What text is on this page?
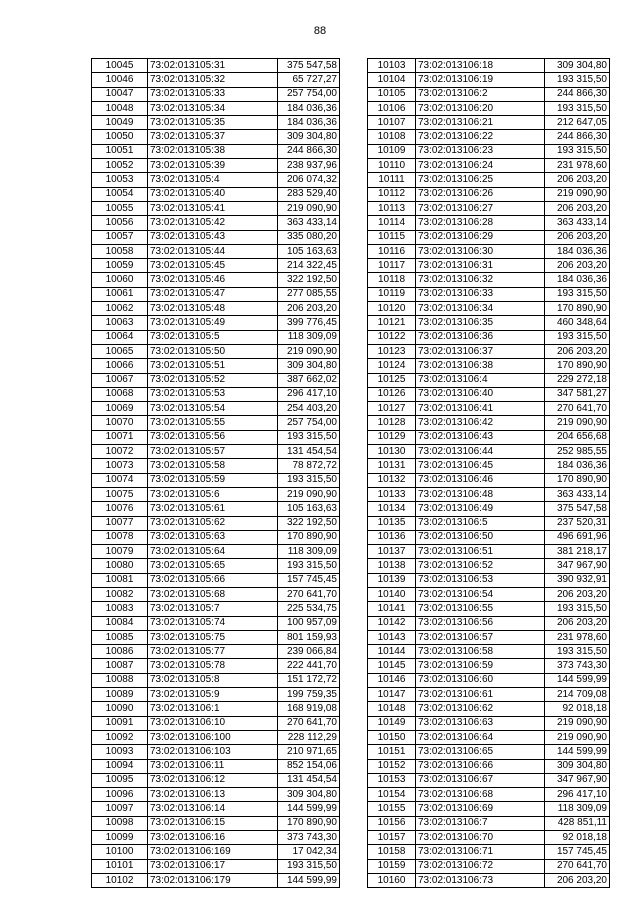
88
10045	73:02:013105:31	375 547,58
10046	73:02:013105:32	65 727,27
10047	73:02:013105:33	257 754,00
10048	73:02:013105:34	184 036,36
10049	73:02:013105:35	184 036,36
10050	73:02:013105:37	309 304,80
10051	73:02:013105:38	244 866,30
10052	73:02:013105:39	238 937,96
10053	73:02:013105:4	206 074,32
10054	73:02:013105:40	283 529,40
10055	73:02:013105:41	219 090,90
10056	73:02:013105:42	363 433,14
10057	73:02:013105:43	335 080,20
10058	73:02:013105:44	105 163,63
10059	73:02:013105:45	214 322,45
10060	73:02:013105:46	322 192,50
10061	73:02:013105:47	277 085,55
10062	73:02:013105:48	206 203,20
10063	73:02:013105:49	399 776,45
10064	73:02:013105:5	118 309,09
10065	73:02:013105:50	219 090,90
10066	73:02:013105:51	309 304,80
10067	73:02:013105:52	387 662,02
10068	73:02:013105:53	296 417,10
10069	73:02:013105:54	254 403,20
10070	73:02:013105:55	257 754,00
10071	73:02:013105:56	193 315,50
10072	73:02:013105:57	131 454,54
10073	73:02:013105:58	78 872,72
10074	73:02:013105:59	193 315,50
10075	73:02:013105:6	219 090,90
10076	73:02:013105:61	105 163,63
10077	73:02:013105:62	322 192,50
10078	73:02:013105:63	170 890,90
10079	73:02:013105:64	118 309,09
10080	73:02:013105:65	193 315,50
10081	73:02:013105:66	157 745,45
10082	73:02:013105:68	270 641,70
10083	73:02:013105:7	225 534,75
10084	73:02:013105:74	100 957,09
10085	73:02:013105:75	801 159,93
10086	73:02:013105:77	239 066,84
10087	73:02:013105:78	222 441,70
10088	73:02:013105:8	151 172,72
10089	73:02:013105:9	199 759,35
10090	73:02:013106:1	168 919,08
10091	73:02:013106:10	270 641,70
10092	73:02:013106:100	228 112,29
10093	73:02:013106:103	210 971,65
10094	73:02:013106:11	852 154,06
10095	73:02:013106:12	131 454,54
10096	73:02:013106:13	309 304,80
10097	73:02:013106:14	144 599,99
10098	73:02:013106:15	170 890,90
10099	73:02:013106:16	373 743,30
10100	73:02:013106:169	17 042,34
10101	73:02:013106:17	193 315,50
10102	73:02:013106:179	144 599,99
10103	73:02:013106:18	309 304,80
10104	73:02:013106:19	193 315,50
10105	73:02:013106:2	244 866,30
10106	73:02:013106:20	193 315,50
10107	73:02:013106:21	212 647,05
10108	73:02:013106:22	244 866,30
10109	73:02:013106:23	193 315,50
10110	73:02:013106:24	231 978,60
10111	73:02:013106:25	206 203,20
10112	73:02:013106:26	219 090,90
10113	73:02:013106:27	206 203,20
10114	73:02:013106:28	363 433,14
10115	73:02:013106:29	206 203,20
10116	73:02:013106:30	184 036,36
10117	73:02:013106:31	206 203,20
10118	73:02:013106:32	184 036,36
10119	73:02:013106:33	193 315,50
10120	73:02:013106:34	170 890,90
10121	73:02:013106:35	460 348,64
10122	73:02:013106:36	193 315,50
10123	73:02:013106:37	206 203,20
10124	73:02:013106:38	170 890,90
10125	73:02:013106:4	229 272,18
10126	73:02:013106:40	347 581,27
10127	73:02:013106:41	270 641,70
10128	73:02:013106:42	219 090,90
10129	73:02:013106:43	204 656,68
10130	73:02:013106:44	252 985,55
10131	73:02:013106:45	184 036,36
10132	73:02:013106:46	170 890,90
10133	73:02:013106:48	363 433,14
10134	73:02:013106:49	375 547,58
10135	73:02:013106:5	237 520,31
10136	73:02:013106:50	496 691,96
10137	73:02:013106:51	381 218,17
10138	73:02:013106:52	347 967,90
10139	73:02:013106:53	390 932,91
10140	73:02:013106:54	206 203,20
10141	73:02:013106:55	193 315,50
10142	73:02:013106:56	206 203,20
10143	73:02:013106:57	231 978,60
10144	73:02:013106:58	193 315,50
10145	73:02:013106:59	373 743,30
10146	73:02:013106:60	144 599,99
10147	73:02:013106:61	214 709,08
10148	73:02:013106:62	92 018,18
10149	73:02:013106:63	219 090,90
10150	73:02:013106:64	219 090,90
10151	73:02:013106:65	144 599,99
10152	73:02:013106:66	309 304,80
10153	73:02:013106:67	347 967,90
10154	73:02:013106:68	296 417,10
10155	73:02:013106:69	118 309,09
10156	73:02:013106:7	428 851,11
10157	73:02:013106:70	92 018,18
10158	73:02:013106:71	157 745,45
10159	73:02:013106:72	270 641,70
10160	73:02:013106:73	206 203,20
